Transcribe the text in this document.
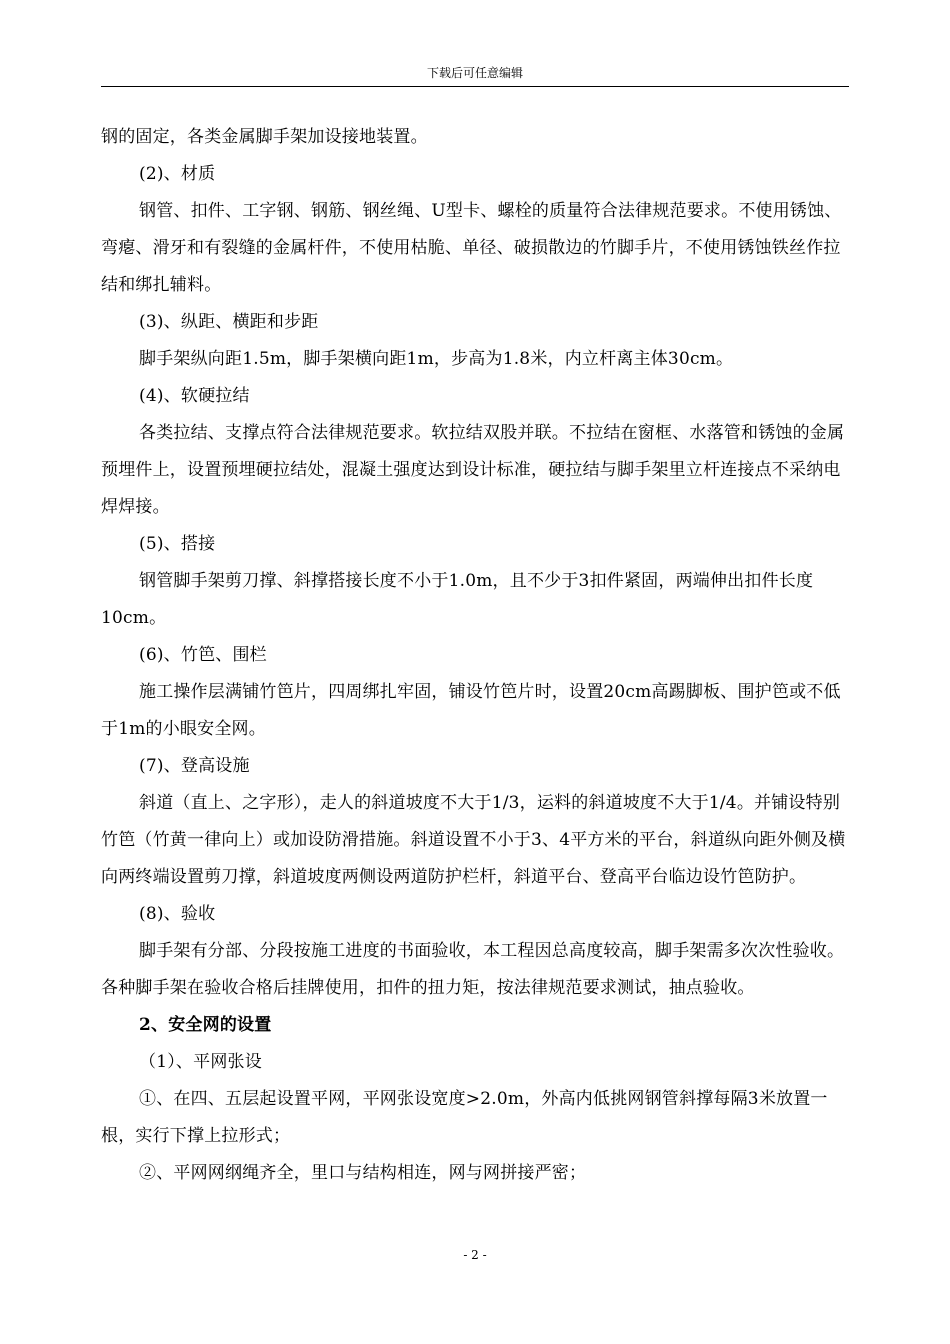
下载后可任意编辑

钢的固定，各类金属脚手架加设接地装置。

(2)、材质

钢管、扣件、工字钢、钢筋、钢丝绳、U型卡、螺栓的质量符合法律规范要求。不使用锈蚀、弯瘪、滑牙和有裂缝的金属杆件，不使用枯脆、单径、破损散边的竹脚手片，不使用锈蚀铁丝作拉结和绑扎辅料。

(3)、纵距、横距和步距

脚手架纵向距1.5m，脚手架横向距1m，步高为1.8米，内立杆离主体30cm。

(4)、软硬拉结

各类拉结、支撑点符合法律规范要求。软拉结双股并联。不拉结在窗框、水落管和锈蚀的金属预埋件上，设置预埋硬拉结处，混凝土强度达到设计标准，硬拉结与脚手架里立杆连接点不采纳电焊焊接。

(5)、搭接

钢管脚手架剪刀撑、斜撑搭接长度不小于1.0m，且不少于3扣件紧固，两端伸出扣件长度10cm。

(6)、竹笆、围栏

施工操作层满铺竹笆片，四周绑扎牢固，铺设竹笆片时，设置20cm高踢脚板、围护笆或不低于1m的小眼安全网。

(7)、登高设施

斜道（直上、之字形），走人的斜道坡度不大于1/3，运料的斜道坡度不大于1/4。并铺设特别竹笆（竹黄一律向上）或加设防滑措施。斜道设置不小于3、4平方米的平台，斜道纵向距外侧及横向两终端设置剪刀撑，斜道坡度两侧设两道防护栏杆，斜道平台、登高平台临边设竹笆防护。

(8)、验收

脚手架有分部、分段按施工进度的书面验收，本工程因总高度较高，脚手架需多次次性验收。各种脚手架在验收合格后挂牌使用，扣件的扭力矩，按法律规范要求测试，抽点验收。

2、安全网的设置

（1）、平网张设

①、在四、五层起设置平网，平网张设宽度>2.0m，外高内低挑网钢管斜撑每隔3米放置一根，实行下撑上拉形式；

②、平网网纲绳齐全，里口与结构相连，网与网拼接严密；

- 2 -
